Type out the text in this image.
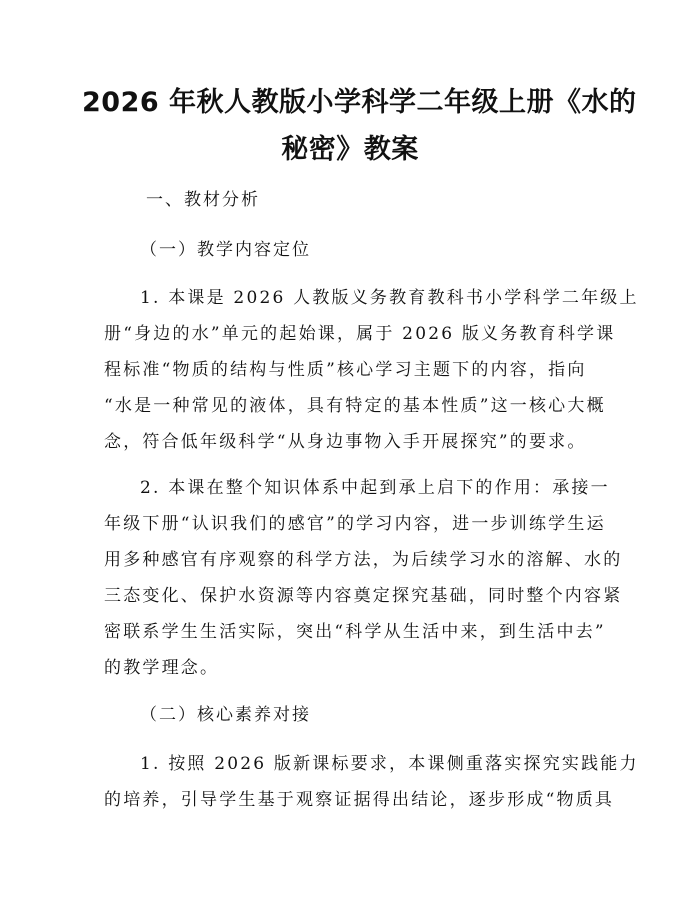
2026 年秋人教版小学科学二年级上册《水的
秘密》教案
一、教材分析
（一）教学内容定位
1. 本课是 2026 人教版义务教育教科书小学科学二年级上
册“身边的水”单元的起始课，属于 2026 版义务教育科学课
程标准“物质的结构与性质”核心学习主题下的内容，指向
“水是一种常见的液体，具有特定的基本性质”这一核心大概
念，符合低年级科学“从身边事物入手开展探究”的要求。
2. 本课在整个知识体系中起到承上启下的作用：承接一
年级下册“认识我们的感官”的学习内容，进一步训练学生运
用多种感官有序观察的科学方法，为后续学习水的溶解、水的
三态变化、保护水资源等内容奠定探究基础，同时整个内容紧
密联系学生生活实际，突出“科学从生活中来，到生活中去”
的教学理念。
（二）核心素养对接
1. 按照 2026 版新课标要求，本课侧重落实探究实践能力
的培养，引导学生基于观察证据得出结论，逐步形成“物质具
